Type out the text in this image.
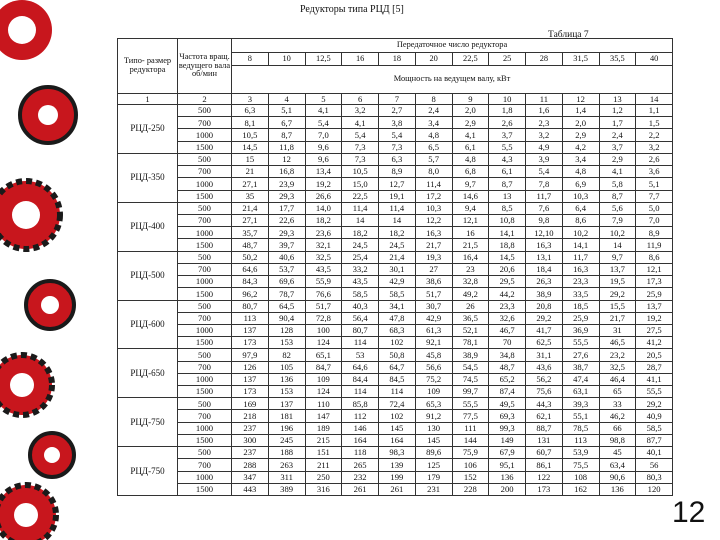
Редукторы типа РЦД [5]
Таблица 7
Типо- размер редуктора	Частота вращ. ведущего вала об/мин	Передаточное число редуктора											
		8	10	12,5	16	18	20	22,5	25	28	31,5	35,5	40
		Мощность на ведущем валу, кВт											
1	2	3	4	5	6	7	8	9	10	11	12	13	14
РЦД-250	500	6,3	5,1	4,1	3,2	2,7	2,4	2,0	1,8	1,6	1,4	1,2	1,1
	700	8,1	6,7	5,4	4,1	3,8	3,4	2,9	2,6	2,3	2,0	1,7	1,5
	1000	10,5	8,7	7,0	5,4	5,4	4,8	4,1	3,7	3,2	2,9	2,4	2,2
	1500	14,5	11,8	9,6	7,3	7,3	6,5	6,1	5,5	4,9	4,2	3,7	3,2
РЦД-350	500	15	12	9,6	7,3	6,3	5,7	4,8	4,3	3,9	3,4	2,9	2,6
	700	21	16,8	13,4	10,5	8,9	8,0	6,8	6,1	5,4	4,8	4,1	3,6
	1000	27,1	23,9	19,2	15,0	12,7	11,4	9,7	8,7	7,8	6,9	5,8	5,1
	1500	35	29,3	26,6	22,5	19,1	17,2	14,6	13	11,7	10,3	8,7	7,7
РЦД-400	500	21,4	17,7	14,0	11,4	11,4	10,3	9,4	8,5	7,6	6,4	5,6	5,0
	700	27,1	22,6	18,2	14	14	12,2	12,1	10,8	9,8	8,6	7,9	7,0
	1000	35,7	29,3	23,6	18,2	18,2	16,3	16	14,1	12,10	10,2	10,2	8,9
	1500	48,7	39,7	32,1	24,5	24,5	21,7	21,5	18,8	16,3	14,1	14	11,9
РЦД-500	500	50,2	40,6	32,5	25,4	21,4	19,3	16,4	14,5	13,1	11,7	9,7	8,6
	700	64,6	53,7	43,5	33,2	30,1	27	23	20,6	18,4	16,3	13,7	12,1
	1000	84,3	69,6	55,9	43,5	42,9	38,6	32,8	29,5	26,3	23,3	19,5	17,3
	1500	96,2	78,7	76,6	58,5	58,5	51,7	49,2	44,2	38,9	33,5	29,2	25,9
РЦД-600	500	80,7	64,5	51,7	40,3	34,1	30,7	26	23,3	20,8	18,5	15,5	13,7
	700	113	90,4	72,8	56,4	47,8	42,9	36,5	32,6	29,2	25,9	21,7	19,2
	1000	137	128	100	80,7	68,3	61,3	52,1	46,7	41,7	36,9	31	27,5
	1500	173	153	124	114	102	92,1	78,1	70	62,5	55,5	46,5	41,2
РЦД-650	500	97,9	82	65,1	53	50,8	45,8	38,9	34,8	31,1	27,6	23,2	20,5
	700	126	105	84,7	64,6	64,7	56,6	54,5	48,7	43,6	38,7	32,5	28,7
	1000	137	136	109	84,4	84,5	75,2	74,5	65,2	56,2	47,4	46,4	41,1
	1500	173	153	124	114	114	109	99,7	87,4	75,6	63,1	65	55,5
РЦД-750	500	169	137	110	85,8	72,4	65,3	55,5	49,5	44,3	39,3	33	29,2
	700	218	181	147	112	102	91,2	77,5	69,3	62,1	55,1	46,2	40,9
	1000	237	196	189	146	145	130	111	99,3	88,7	78,5	66	58,5
	1500	300	245	215	164	164	145	144	149	131	113	98,8	87,7
РЦД-750	500	237	188	151	118	98,3	89,6	75,9	67,9	60,7	53,9	45	40,1
	700	288	263	211	265	139	125	106	95,1	86,1	75,5	63,4	56
	1000	347	311	250	232	199	179	152	136	122	108	90,6	80,3
	1500	443	389	316	261	261	231	228	200	173	162	136	120
12
